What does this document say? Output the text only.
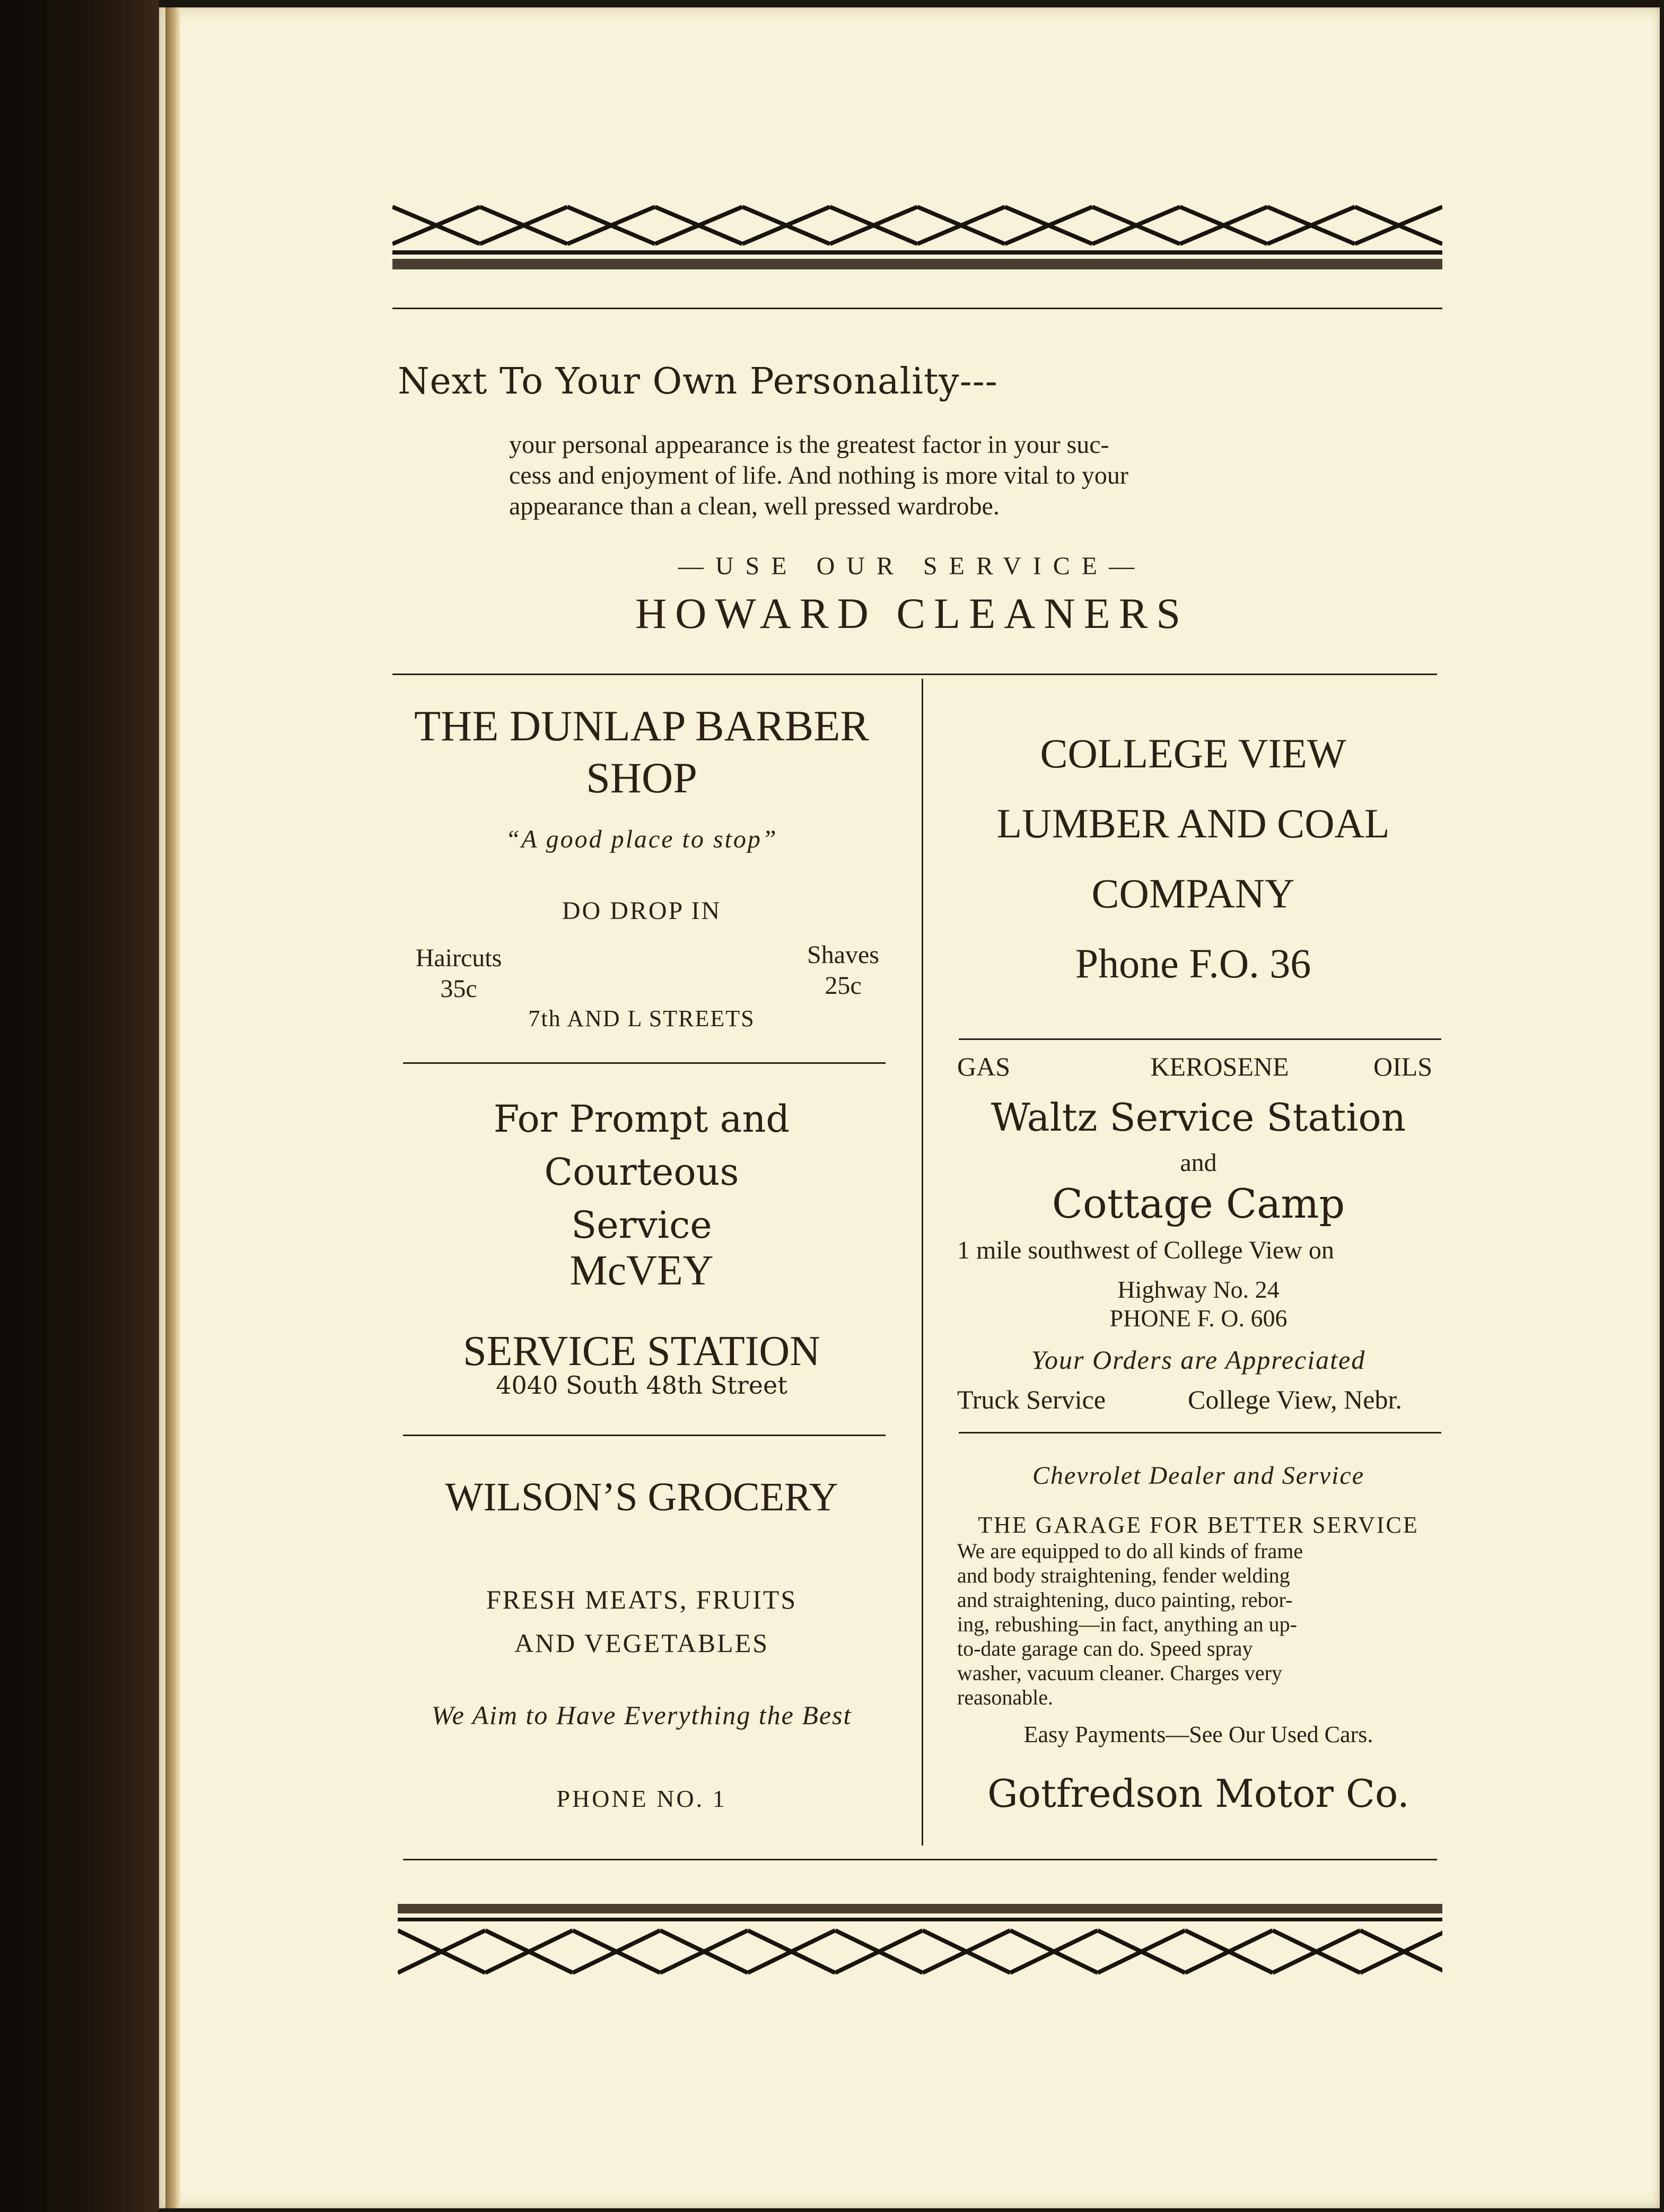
Next To Your Own Personality---
your personal appearance is the greatest factor in your suc-
cess and enjoyment of life. And nothing is more vital to your
appearance than a clean, well pressed wardrobe.
—USE OUR SERVICE—
HOWARD CLEANERS
THE DUNLAP BARBER
SHOP
“A good place to stop”
DO DROP IN
Haircuts
35c
Shaves
25c
7th AND L STREETS
COLLEGE VIEW
LUMBER AND COAL
COMPANY
Phone F.O. 36
For Prompt and Courteous
Service
McVEY
SERVICE STATION
4040 South 48th Street
GAS	KEROSENE	OILS
Waltz Service Station
and
Cottage Camp
1 mile southwest of College View on
Highway No. 24
PHONE F. O. 606
Your Orders are Appreciated
Truck Service	College View, Nebr.
WILSON’S GROCERY
FRESH MEATS, FRUITS
AND VEGETABLES
We Aim to Have Everything the Best
PHONE NO. 1
Chevrolet Dealer and Service
THE GARAGE FOR BETTER SERVICE
We are equipped to do all kinds of frame
and body straightening, fender welding
and straightening, duco painting, rebor-
ing, rebushing—in fact, anything an up-
to-date garage can do. Speed spray
washer, vacuum cleaner. Charges very
reasonable.
Easy Payments—See Our Used Cars.
Gotfredson Motor Co.
